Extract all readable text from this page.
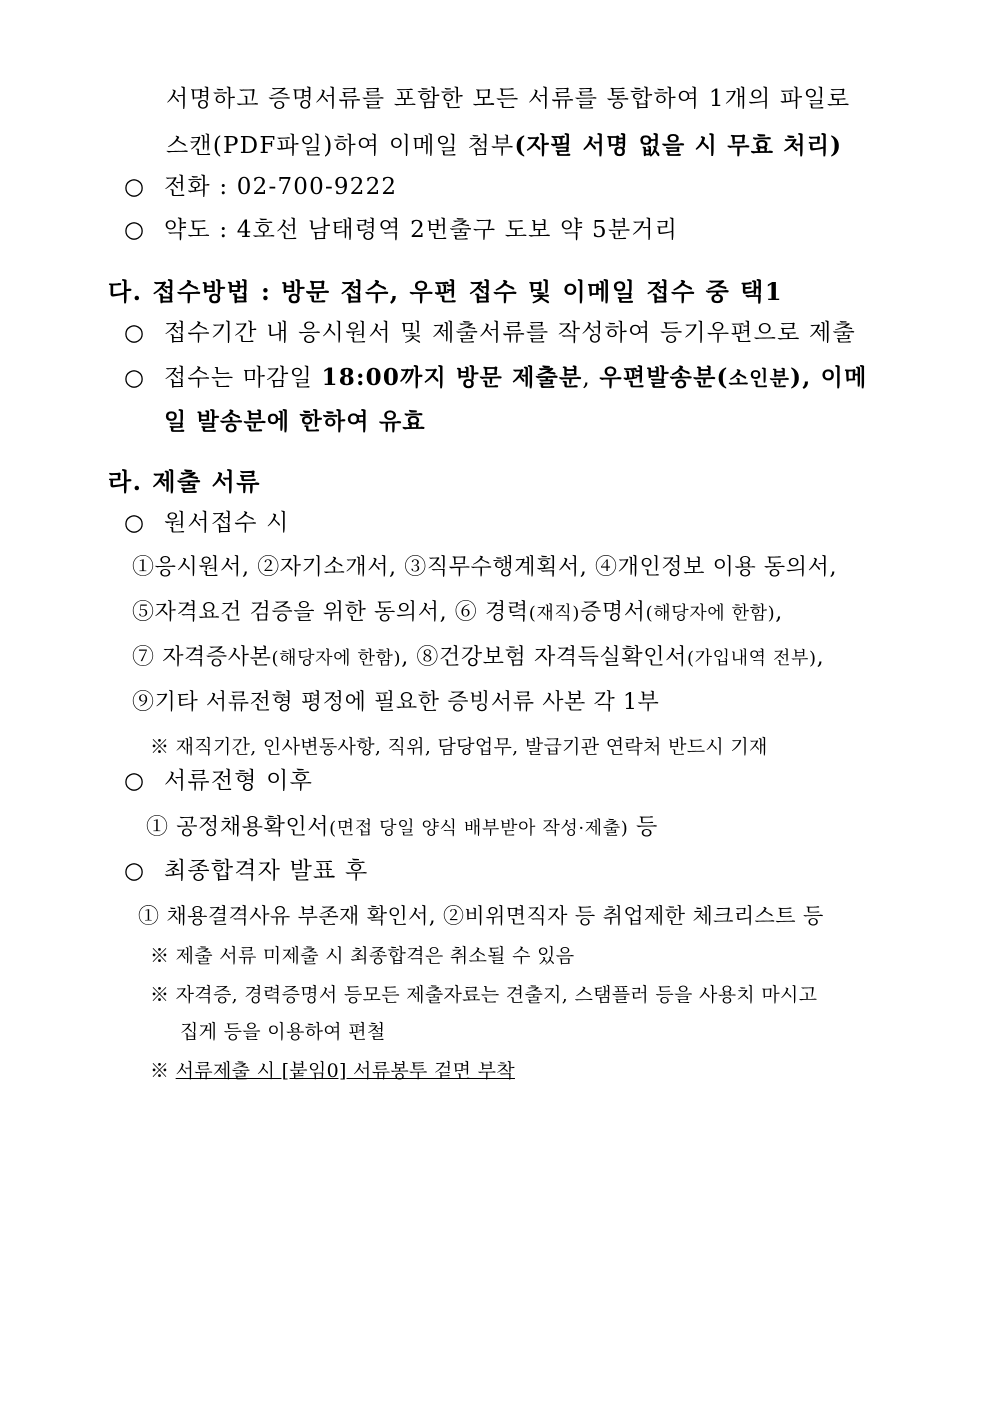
서명하고 증명서류를 포함한 모든 서류를 통합하여 1개의 파일로
스캔(PDF파일)하여 이메일 첨부(자필 서명 없을 시 무효 처리)
○ 전화 : 02-700-9222
○ 약도 : 4호선 남태령역 2번출구 도보 약 5분거리
다. 접수방법 : 방문 접수, 우편 접수 및 이메일 접수 중 택1
○ 접수기간 내 응시원서 및 제출서류를 작성하여 등기우편으로 제출
○ 접수는 마감일 18:00까지 방문 제출분, 우편발송분(소인분), 이메
일 발송분에 한하여 유효
라. 제출 서류
○ 원서접수 시
①응시원서, ②자기소개서, ③직무수행계획서, ④개인정보 이용 동의서,
⑤자격요건 검증을 위한 동의서, ⑥ 경력(재직)증명서(해당자에 한함),
⑦ 자격증사본(해당자에 한함), ⑧건강보험 자격득실확인서(가입내역 전부),
⑨기타 서류전형 평정에 필요한 증빙서류 사본 각 1부
※ 재직기간, 인사변동사항, 직위, 담당업무, 발급기관 연락처 반드시 기재
○ 서류전형 이후
① 공정채용확인서(면접 당일 양식 배부받아 작성·제출) 등
○ 최종합격자 발표 후
① 채용결격사유 부존재 확인서, ②비위면직자 등 취업제한 체크리스트 등
※ 제출 서류 미제출 시 최종합격은 취소될 수 있음
※ 자격증, 경력증명서 등모든 제출자료는 견출지, 스탬플러 등을 사용치 마시고
집게 등을 이용하여 편철
※ 서류제출 시 [붙임0] 서류봉투 겉면 부착
